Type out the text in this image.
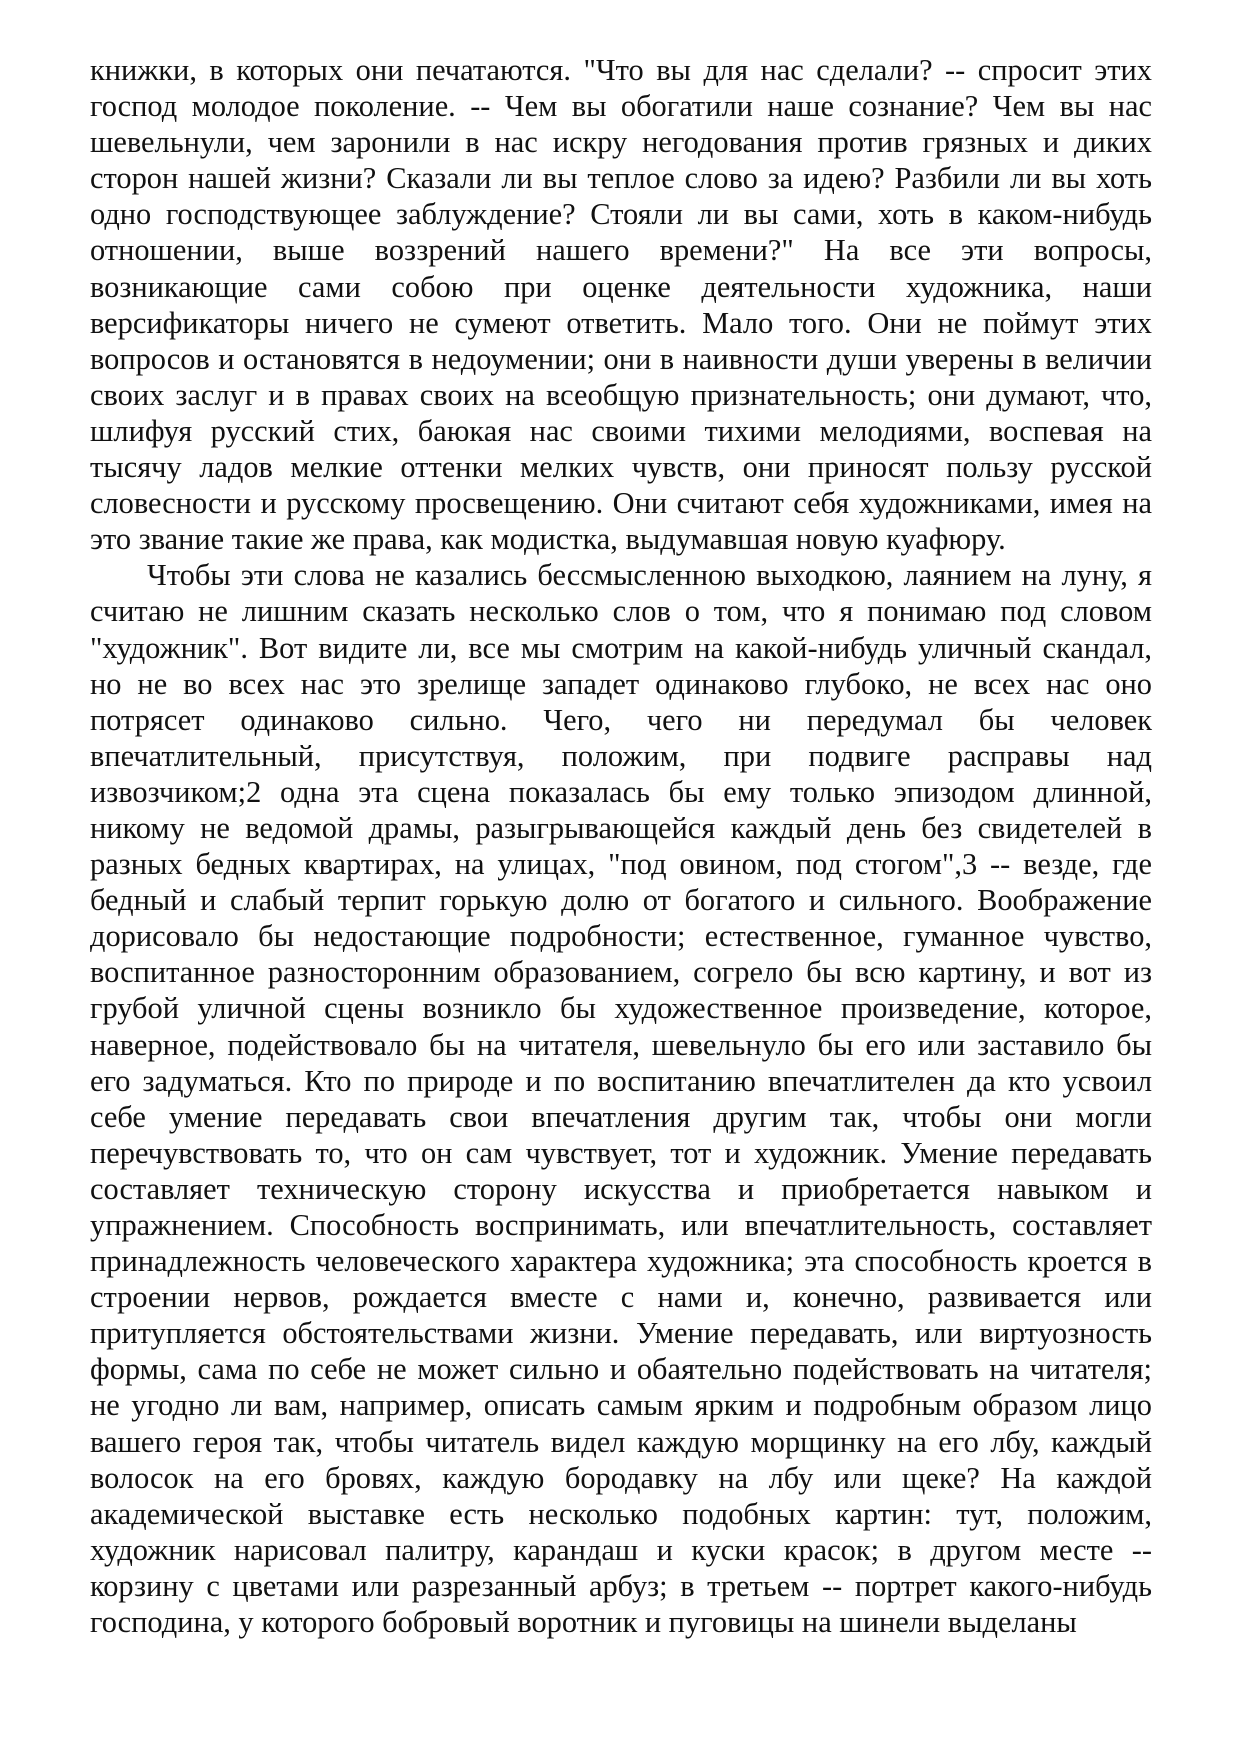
книжки, в которых они печатаются. "Что вы для нас сделали? -- спросит этих господ молодое поколение. -- Чем вы обогатили наше сознание? Чем вы нас шевельнули, чем заронили в нас искру негодования против грязных и диких сторон нашей жизни? Сказали ли вы теплое слово за идею? Разбили ли вы хоть одно господствующее заблуждение? Стояли ли вы сами, хоть в каком-нибудь отношении, выше воззрений нашего времени?" На все эти вопросы, возникающие сами собою при оценке деятельности художника, наши версификаторы ничего не сумеют ответить. Мало того. Они не поймут этих вопросов и остановятся в недоумении; они в наивности души уверены в величии своих заслуг и в правах своих на всеобщую признательность; они думают, что, шлифуя русский стих, баюкая нас своими тихими мелодиями, воспевая на тысячу ладов мелкие оттенки мелких чувств, они приносят пользу русской словесности и русскому просвещению. Они считают себя художниками, имея на это звание такие же права, как модистка, выдумавшая новую куафюру.

Чтобы эти слова не казались бессмысленною выходкою, лаянием на луну, я считаю не лишним сказать несколько слов о том, что я понимаю под словом "художник". Вот видите ли, все мы смотрим на какой-нибудь уличный скандал, но не во всех нас это зрелище западет одинаково глубоко, не всех нас оно потрясет одинаково сильно. Чего, чего ни передумал бы человек впечатлительный, присутствуя, положим, при подвиге расправы над извозчиком;2 одна эта сцена показалась бы ему только эпизодом длинной, никому не ведомой драмы, разыгрывающейся каждый день без свидетелей в разных бедных квартирах, на улицах, "под овином, под стогом",3 -- везде, где бедный и слабый терпит горькую долю от богатого и сильного. Воображение дорисовало бы недостающие подробности; естественное, гуманное чувство, воспитанное разносторонним образованием, согрело бы всю картину, и вот из грубой уличной сцены возникло бы художественное произведение, которое, наверное, подействовало бы на читателя, шевельнуло бы его или заставило бы его задуматься. Кто по природе и по воспитанию впечатлителен да кто усвоил себе умение передавать свои впечатления другим так, чтобы они могли перечувствовать то, что он сам чувствует, тот и художник. Умение передавать составляет техническую сторону искусства и приобретается навыком и упражнением. Способность воспринимать, или впечатлительность, составляет принадлежность человеческого характера художника; эта способность кроется в строении нервов, рождается вместе с нами и, конечно, развивается или притупляется обстоятельствами жизни. Умение передавать, или виртуозность формы, сама по себе не может сильно и обаятельно подействовать на читателя; не угодно ли вам, например, описать самым ярким и подробным образом лицо вашего героя так, чтобы читатель видел каждую морщинку на его лбу, каждый волосок на его бровях, каждую бородавку на лбу или щеке? На каждой академической выставке есть несколько подобных картин: тут, положим, художник нарисовал палитру, карандаш и куски красок; в другом месте -- корзину с цветами или разрезанный арбуз; в третьем -- портрет какого-нибудь господина, у которого бобровый воротник и пуговицы на шинели выделаны
